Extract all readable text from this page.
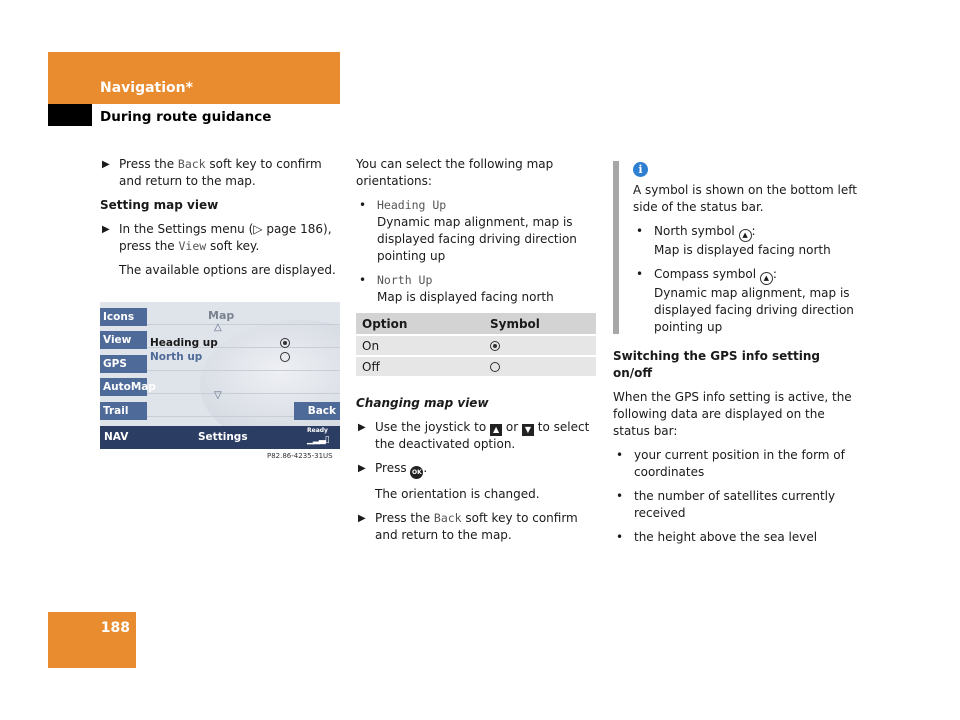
Navigation*
During route guidance
▶ Press the Back soft key to confirm and return to the map.
Setting map view
▶ In the Settings menu (▷ page 186), press the View soft key.
The available options are displayed.
Icons
View
GPS
AutoMap
Trail
Map
△
Heading up
North up
▽
Back
NAV	Settings
Ready
▁▂▃▯
P82.86-4235-31US
You can select the following map orientations:
• Heading Up
Dynamic map alignment, map is displayed facing driving direction pointing up
• North Up
Map is displayed facing north
Option	Symbol
On	
Off	
Changing map view
▶ Use the joystick to ▲ or ▼ to select the deactivated option.
▶ Press OK .
The orientation is changed.
▶ Press the Back soft key to confirm and return to the map.
i
A symbol is shown on the bottom left side of the status bar.
• North symbol ▲ :
Map is displayed facing north
• Compass symbol ▲ :
Dynamic map alignment, map is displayed facing driving direction pointing up
Switching the GPS info setting on/off
When the GPS info setting is active, the following data are displayed on the status bar:
• your current position in the form of coordinates
• the number of satellites currently received
• the height above the sea level
188
